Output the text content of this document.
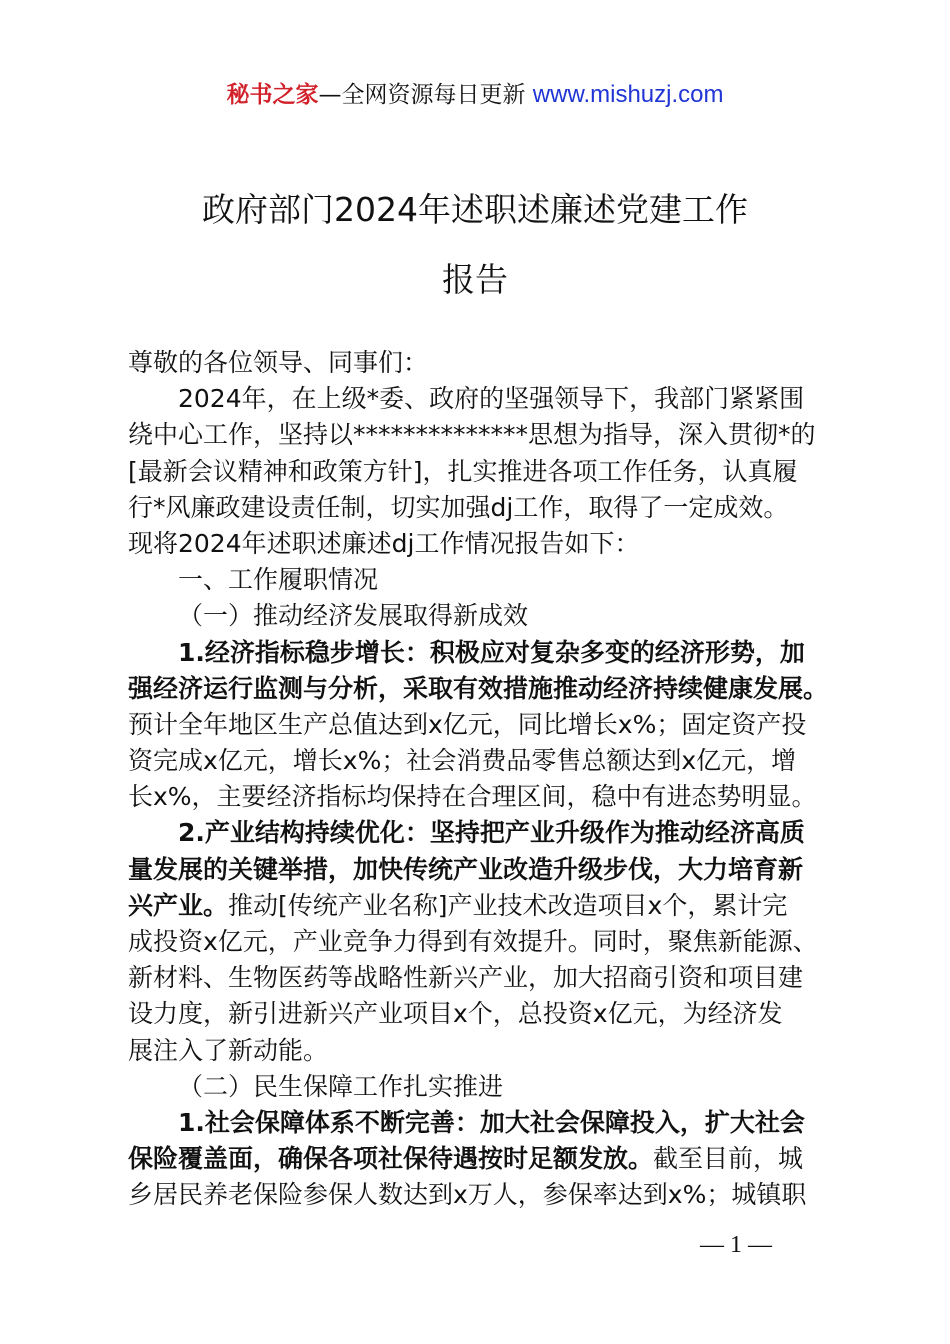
秘书之家—全网资源每日更新 www.mishuzj.com
政府部门2024年述职述廉述党建工作
报告
尊敬的各位领导、同事们：
2024年，在上级*委、政府的坚强领导下，我部门紧紧围
绕中心工作，坚持以**************思想为指导，深入贯彻*的
[最新会议精神和政策方针]，扎实推进各项工作任务，认真履
行*风廉政建设责任制，切实加强dj工作，取得了一定成效。
现将2024年述职述廉述dj工作情况报告如下：
一、工作履职情况
（一）推动经济发展取得新成效
1.经济指标稳步增长：积极应对复杂多变的经济形势，加
强经济运行监测与分析，采取有效措施推动经济持续健康发展。
预计全年地区生产总值达到x亿元，同比增长x%；固定资产投
资完成x亿元，增长x%；社会消费品零售总额达到x亿元，增
长x%，主要经济指标均保持在合理区间，稳中有进态势明显。
2.产业结构持续优化：坚持把产业升级作为推动经济高质
量发展的关键举措，加快传统产业改造升级步伐，大力培育新
兴产业。推动[传统产业名称]产业技术改造项目x个，累计完
成投资x亿元，产业竞争力得到有效提升。同时，聚焦新能源、
新材料、生物医药等战略性新兴产业，加大招商引资和项目建
设力度，新引进新兴产业项目x个，总投资x亿元，为经济发
展注入了新动能。
（二）民生保障工作扎实推进
1.社会保障体系不断完善：加大社会保障投入，扩大社会
保险覆盖面，确保各项社保待遇按时足额发放。截至目前，城
乡居民养老保险参保人数达到x万人，参保率达到x%；城镇职
— 1 —
